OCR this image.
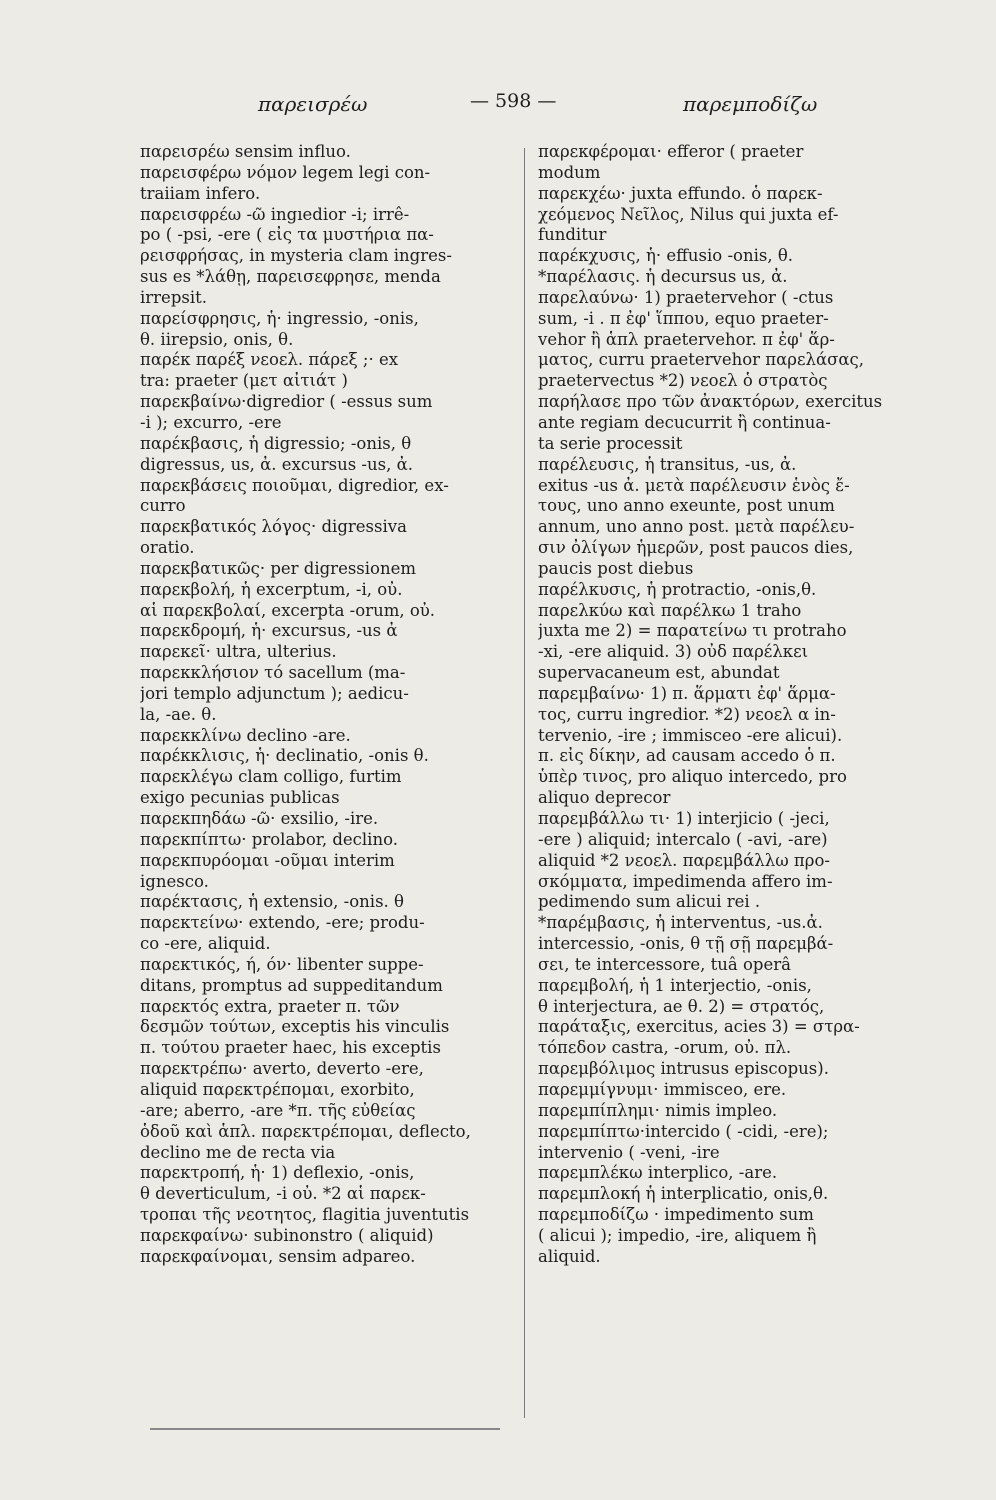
παρεισρέω	— 598 —	παρεμποδίζω
παρεισρέω sensim influo.
παρεισφέρω νόμον legem legi con-
traiiam infero.
παρεισφρέω -ῶ ingıedior -i; irrê-
po ( -psi, -ere ( εἰς τα μυστήρια πα-
ρεισφρήσας, in mysteria clam ingres-
sus es *λάθῃ, παρεισεφρησε, menda
irrepsit.
παρείσφρησις, ἡ· ingressio, -onis,
θ. iirepsio, onis, θ.
παρέκ παρέξ νεοελ. πάρεξ ;· ex
tra: praeter (μετ αἰτιάτ )
παρεκβαίνω·digredior ( -essus sum
-i ); excurro, -ere
παρέκβασις, ἡ digressio; -onis, θ
digressus, us, ἀ. excursus -us, ἀ.
παρεκβάσεις ποιοῦμαι, digredior, ex-
curro
παρεκβατικός λόγος· digressiva
oratio.
παρεκβατικῶς· per digressionem
παρεκβολή, ἡ excerptum, -i, οὐ.
αἱ παρεκβολαί, excerpta -orum, οὐ.
παρεκδρομή, ἡ· excursus, -us ἀ
παρεκεῖ· ultra, ulterius.
παρεκκλήσιον τό sacellum (ma-
jori templo adjunctum ); aedicu-
la, -ae. θ.
παρεκκλίνω declino -are.
παρέκκλισις, ἡ· declinatio, -onis θ.
παρεκλέγω clam colligo, furtim
exigo pecunias publicas
παρεκπηδάω -ῶ· exsilio, -ire.
παρεκπίπτω· prolabor, declino.
παρεκπυρόομαι -οῦμαι interim
ignesco.
παρέκτασις, ἡ extensio, -onis. θ
παρεκτείνω· extendo, -ere; produ-
co -ere, aliquid.
παρεκτικός, ή, όν· libenter suppe-
ditans, promptus ad suppeditandum
παρεκτός extra, praeter π. τῶν
δεσμῶν τούτων, exceptis his vinculis
π. τούτου praeter haec, his exceptis
παρεκτρέπω· averto, deverto -ere,
aliquid παρεκτρέπομαι, exorbito,
-are; aberro, -are *π. τῆς εὐθείας
ὁδοῦ καὶ ἁπλ. παρεκτρέπομαι, deflecto,
declino me de recta via
παρεκτροπή, ἡ· 1) deflexio, -onis,
θ deverticulum, -i οὐ. *2 αἱ παρεκ-
τροπαι τῆς νεοτητος, flagitia juventutis
παρεκφαίνω· subinonstro ( aliquid)
παρεκφαίνομαι, sensim adpareo.
παρεκφέρομαι· efferor ( praeter
modum
παρεκχέω· juxta effundo. ὁ παρεκ-
χεόμενος Νεῖλος, Nilus qui juxta ef-
funditur
παρέκχυσις, ἡ· effusio -onis, θ.
*παρέλασις. ἡ decursus us, ἀ.
παρελαύνω· 1) praetervehor ( -ctus
sum, -i . π ἐφ' ἵππου, equo praeter-
vehor ἢ ἁπλ praetervehor. π ἐφ' ἅρ-
ματος, curru praetervehor παρελάσας,
praetervectus *2) νεοελ ὁ στρατὸς
παρήλασε προ τῶν ἀνακτόρων, exercitus
ante regiam decucurrit ἢ continua-
ta serie processit
παρέλευσις, ἡ transitus, -us, ἀ.
exitus -us ἀ. μετὰ παρέλευσιν ἑνὸς ἔ-
τους, uno anno exeunte, post unum
annum, uno anno post. μετὰ παρέλευ-
σιν ὀλίγων ἡμερῶν, post paucos dies,
paucis post diebus
παρέλκυσις, ἡ protractio, -onis,θ.
παρελκύω καὶ παρέλκω 1 traho
juxta me 2) = παρατείνω τι protraho
-xi, -ere aliquid. 3) οὐδ παρέλκει
supervacaneum est, abundat
παρεμβαίνω· 1) π. ἅρματι ἐφ' ἅρμα-
τος, curru ingredior. *2) νεοελ α in-
tervenio, -ire ; immisceo -ere alicui).
π. εἰς δίκην, ad causam accedo ὁ π.
ὑπὲρ τινος, pro aliquo intercedo, pro
aliquo deprecor
παρεμβάλλω τι· 1) interjicio ( -jeci,
-ere ) aliquid; intercalo ( -avi, -are)
aliquid *2 νεοελ. παρεμβάλλω προ-
σκόμματα, impedimenda affero im-
pedimendo sum alicui rei .
*παρέμβασις, ἡ interventus, -us.ἀ.
intercessio, -onis, θ τῇ σῇ παρεμβά-
σει, te intercessore, tuâ operâ
παρεμβολή, ἡ 1 interjectio, -onis,
θ interjectura, ae θ. 2) = στρατός,
παράταξις, exercitus, acies 3) = στρα-
τόπεδον castra, -orum, οὐ. πλ.
παρεμβόλιμος intrusus episcopus).
παρεμμίγνυμι· immisceo, ere.
παρεμπίπλημι· nimis impleo.
παρεμπίπτω·intercido ( -cidi, -ere);
intervenio ( -veni, -ire
παρεμπλέκω interplico, -are.
παρεμπλοκή ἡ interplicatio, onis,θ.
παρεμποδίζω · impedimento sum
( alicui ); impedio, -ire, aliquem ἢ
aliquid.
